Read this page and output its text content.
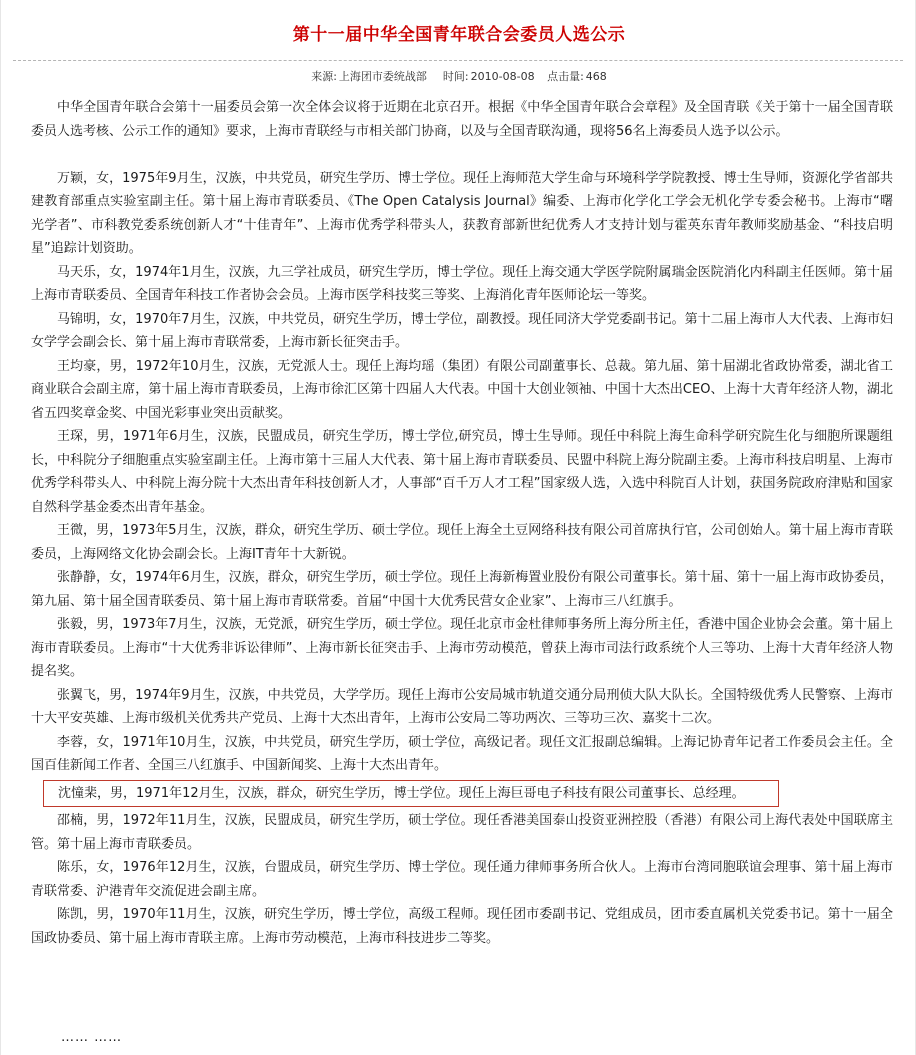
第十一届中华全国青年联合会委员人选公示
来源: 上海团市委统战部 时间: 2010-08-08 点击量: 468

中华全国青年联合会第十一届委员会第一次全体会议将于近期在北京召开。根据《中华全国青年联合会章程》及全国青联《关于第十一届全国青联委员人选考核、公示工作的通知》要求，上海市青联经与市相关部门协商，以及与全国青联沟通，现将56名上海委员人选予以公示。

万颖，女，1975年9月生，汉族，中共党员，研究生学历、博士学位。现任上海师范大学生命与环境科学学院教授、博士生导师，资源化学省部共建教育部重点实验室副主任。第十届上海市青联委员、《The Open Catalysis Journal》编委、上海市化学化工学会无机化学专委会秘书。上海市“曙光学者”、市科教党委系统创新人才“十佳青年”、上海市优秀学科带头人，获教育部新世纪优秀人才支持计划与霍英东青年教师奖励基金、“科技启明星”追踪计划资助。

马天乐，女，1974年1月生，汉族，九三学社成员，研究生学历，博士学位。现任上海交通大学医学院附属瑞金医院消化内科副主任医师。第十届上海市青联委员、全国青年科技工作者协会会员。上海市医学科技奖三等奖、上海消化青年医师论坛一等奖。

马锦明，女，1970年7月生，汉族，中共党员，研究生学历，博士学位，副教授。现任同济大学党委副书记。第十二届上海市人大代表、上海市妇女学学会副会长、第十届上海市青联常委，上海市新长征突击手。

王均豪，男，1972年10月生，汉族，无党派人士。现任上海均瑶（集团）有限公司副董事长、总裁。第九届、第十届湖北省政协常委，湖北省工商业联合会副主席，第十届上海市青联委员，上海市徐汇区第十四届人大代表。中国十大创业领袖、中国十大杰出CEO、上海十大青年经济人物，湖北省五四奖章金奖、中国光彩事业突出贡献奖。

王琛，男，1971年6月生，汉族，民盟成员，研究生学历，博士学位,研究员，博士生导师。现任中科院上海生命科学研究院生化与细胞所课题组长，中科院分子细胞重点实验室副主任。上海市第十三届人大代表、第十届上海市青联委员、民盟中科院上海分院副主委。上海市科技启明星、上海市优秀学科带头人、中科院上海分院十大杰出青年科技创新人才，人事部“百千万人才工程”国家级人选，入选中科院百人计划，获国务院政府津贴和国家自然科学基金委杰出青年基金。

王微，男，1973年5月生，汉族，群众，研究生学历、硕士学位。现任上海全土豆网络科技有限公司首席执行官，公司创始人。第十届上海市青联委员，上海网络文化协会副会长。上海IT青年十大新锐。

张静静，女，1974年6月生，汉族，群众，研究生学历，硕士学位。现任上海新梅置业股份有限公司董事长。第十届、第十一届上海市政协委员，第九届、第十届全国青联委员、第十届上海市青联常委。首届“中国十大优秀民营女企业家”、上海市三八红旗手。

张毅，男，1973年7月生，汉族，无党派，研究生学历，硕士学位。现任北京市金杜律师事务所上海分所主任，香港中国企业协会会董。第十届上海市青联委员。上海市“十大优秀非诉讼律师”、上海市新长征突击手、上海市劳动模范，曾获上海市司法行政系统个人三等功、上海十大青年经济人物提名奖。

张翼飞，男，1974年9月生，汉族，中共党员，大学学历。现任上海市公安局城市轨道交通分局刑侦大队大队长。全国特级优秀人民警察、上海市十大平安英雄、上海市级机关优秀共产党员、上海十大杰出青年，上海市公安局二等功两次、三等功三次、嘉奖十二次。

李蓉，女，1971年10月生，汉族，中共党员，研究生学历，硕士学位，高级记者。现任文汇报副总编辑。上海记协青年记者工作委员会主任。全国百佳新闻工作者、全国三八红旗手、中国新闻奖、上海十大杰出青年。

沈憧棐，男，1971年12月生，汉族，群众，研究生学历，博士学位。现任上海巨哥电子科技有限公司董事长、总经理。

邵楠，男，1972年11月生，汉族，民盟成员，研究生学历，硕士学位。现任香港美国泰山投资亚洲控股（香港）有限公司上海代表处中国联席主管。第十届上海市青联委员。

陈乐，女，1976年12月生，汉族，台盟成员，研究生学历、博士学位。现任通力律师事务所合伙人。上海市台湾同胞联谊会理事、第十届上海市青联常委、沪港青年交流促进会副主席。

陈凯，男，1970年11月生，汉族，研究生学历，博士学位，高级工程师。现任团市委副书记、党组成员，团市委直属机关党委书记。第十一届全国政协委员、第十届上海市青联主席。上海市劳动模范，上海市科技进步二等奖。

…… ……
